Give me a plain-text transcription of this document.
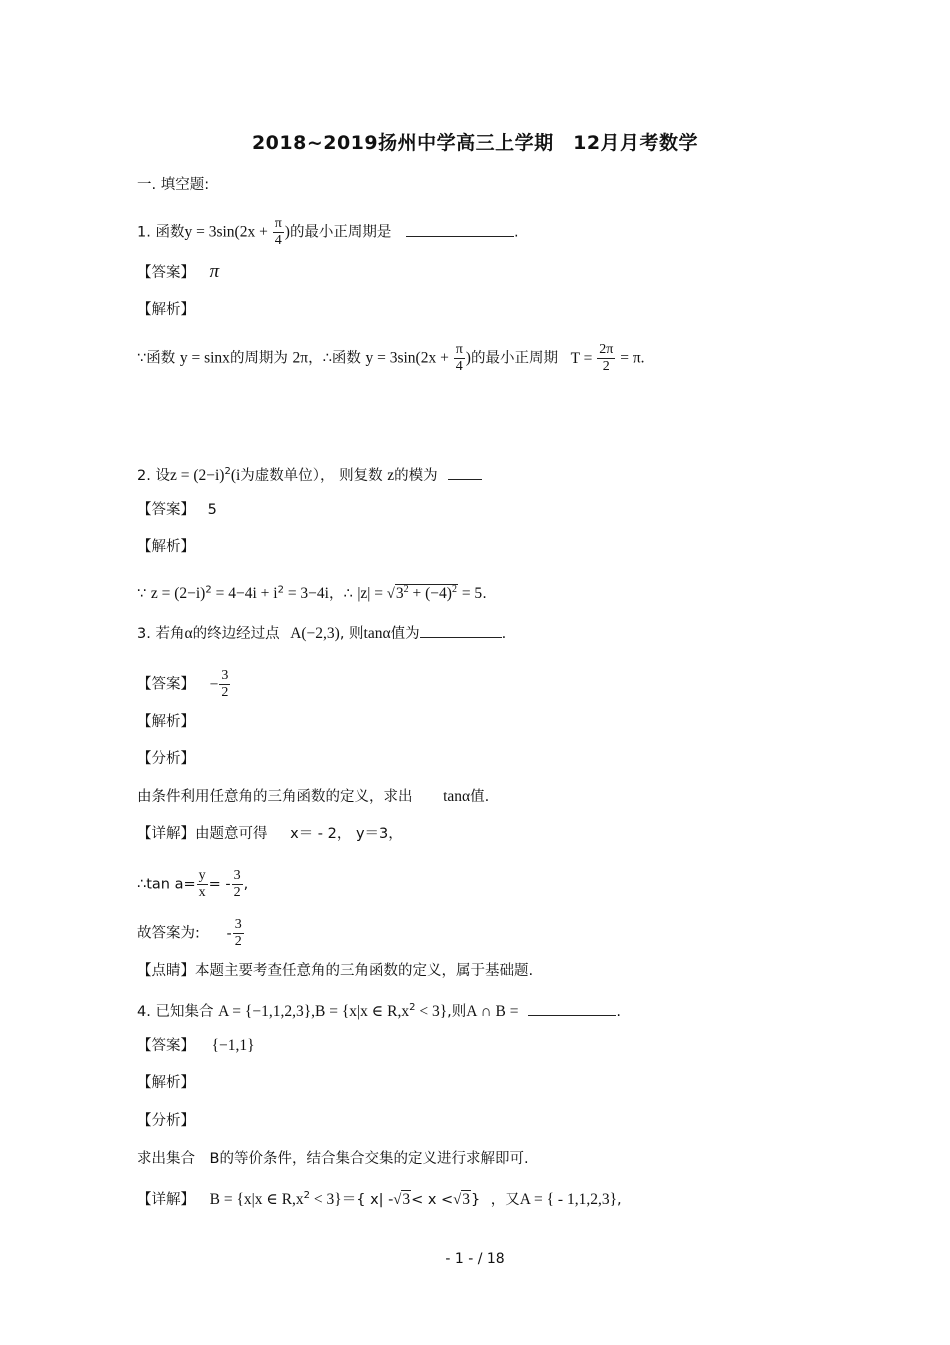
2018~2019扬州中学高三上学期　12月月考数学
一. 填空题:
1. 函数$y = 3\sin(2x + \frac{\pi}{4}$ )的最小正周期是	.
【答案】 π
【解析】
∵函数 y = sinx的周期为 2π，∴函数 $y = 3\sin(2x + \frac{\pi}{4}$ )的最小正周期 $T = \frac{2\pi}{2} = \pi$.
2. 设$z = (2-i)^2(i$为虚数单位）， 则复数 z的模为
【答案】 5
【解析】
∵ $z = (2-i)^2 = 4-4i + i^2 = 3-4i$，∴ $|z| = √3^2 + (-4)^2 = 5$.
3. 若角α的终边经过点 A(−2,3), 则tanα值为	.
【答案】 − $\frac{3}{2}$
【解析】
【分析】
由条件利用任意角的三角函数的定义，求出 tanα值.
【详解】由题意可得 x＝ - 2， y＝3，
∴tan $a= \frac{y}{x}$ = - $\frac{3}{2}$ ,
故答案为: - $\frac{3}{2}$
【点睛】本题主要考查任意角的三角函数的定义，属于基础题.
4. 已知集合 A = {−1,1,2,3},B = {x|x ∈ $R,x^2 < 3$},则A ∩ B =	.
【答案】 {−1,1}
【解析】
【分析】
求出集合　B的等价条件，结合集合交集的定义进行求解即可.
【详解】 B = {x|x ∈ $R,x^2 < 3\}=${ x| -√3< x <√3} ，又A = { - 1,1,2,3},
- 1 - / 18
